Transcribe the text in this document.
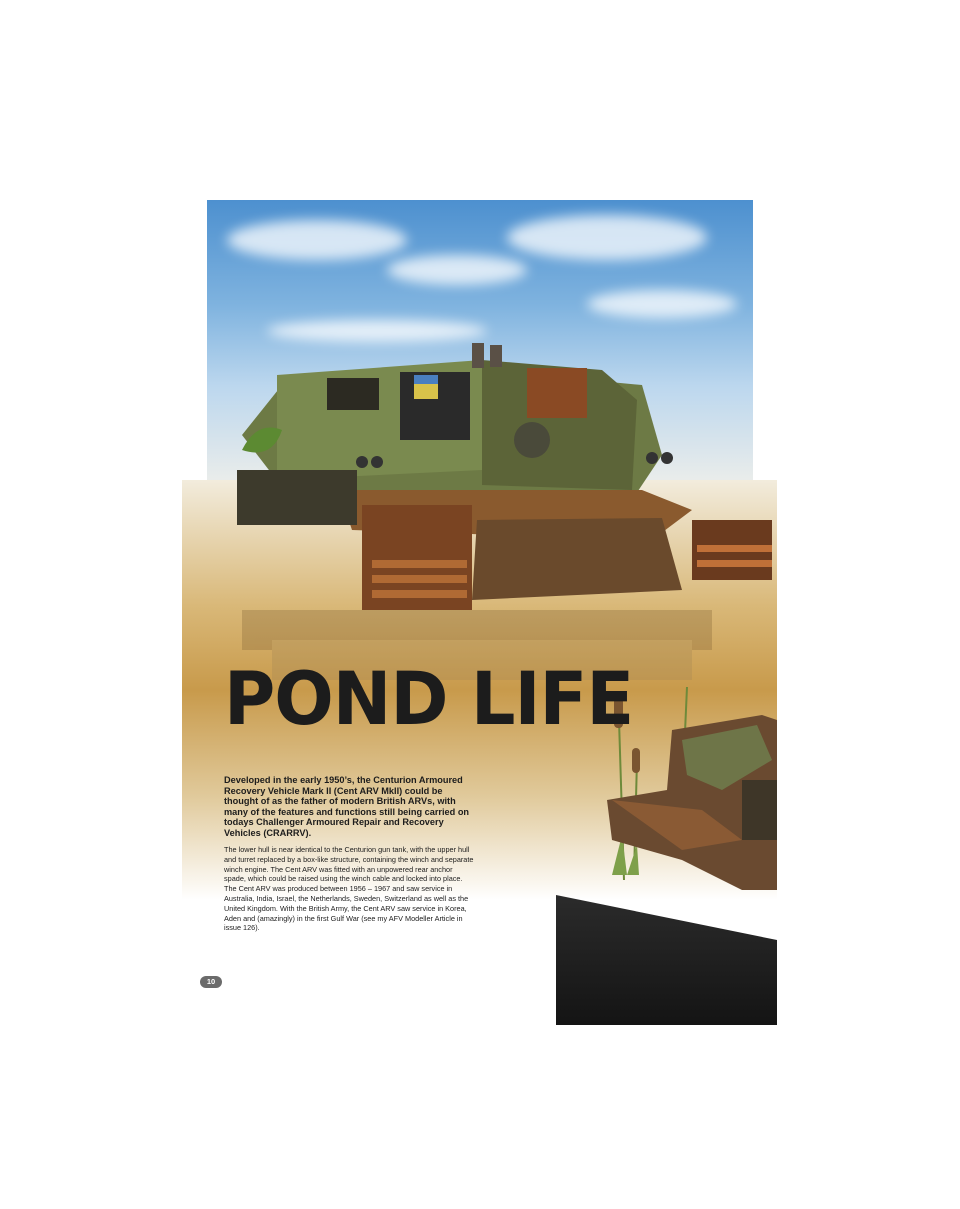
POND LIFE

Developed in the early 1950’s, the Centurion Armoured Recovery Vehicle Mark II (Cent ARV MkII) could be thought of as the father of modern British ARVs, with many of the features and functions still being carried on todays Challenger Armoured Repair and Recovery Vehicles (CRARRV).

The lower hull is near identical to the Centurion gun tank, with the upper hull and turret replaced by a box-like structure, containing the winch and separate winch engine. The Cent ARV was fitted with an unpowered rear anchor spade, which could be raised using the winch cable and locked into place. The Cent ARV was produced between 1956 – 1967 and saw service in Australia, India, Israel, the Netherlands, Sweden, Switzerland as well as the United Kingdom. With the British Army, the Cent ARV saw service in Korea, Aden and (amazingly) in the first Gulf War (see my AFV Modeller Article in issue 126).

10
